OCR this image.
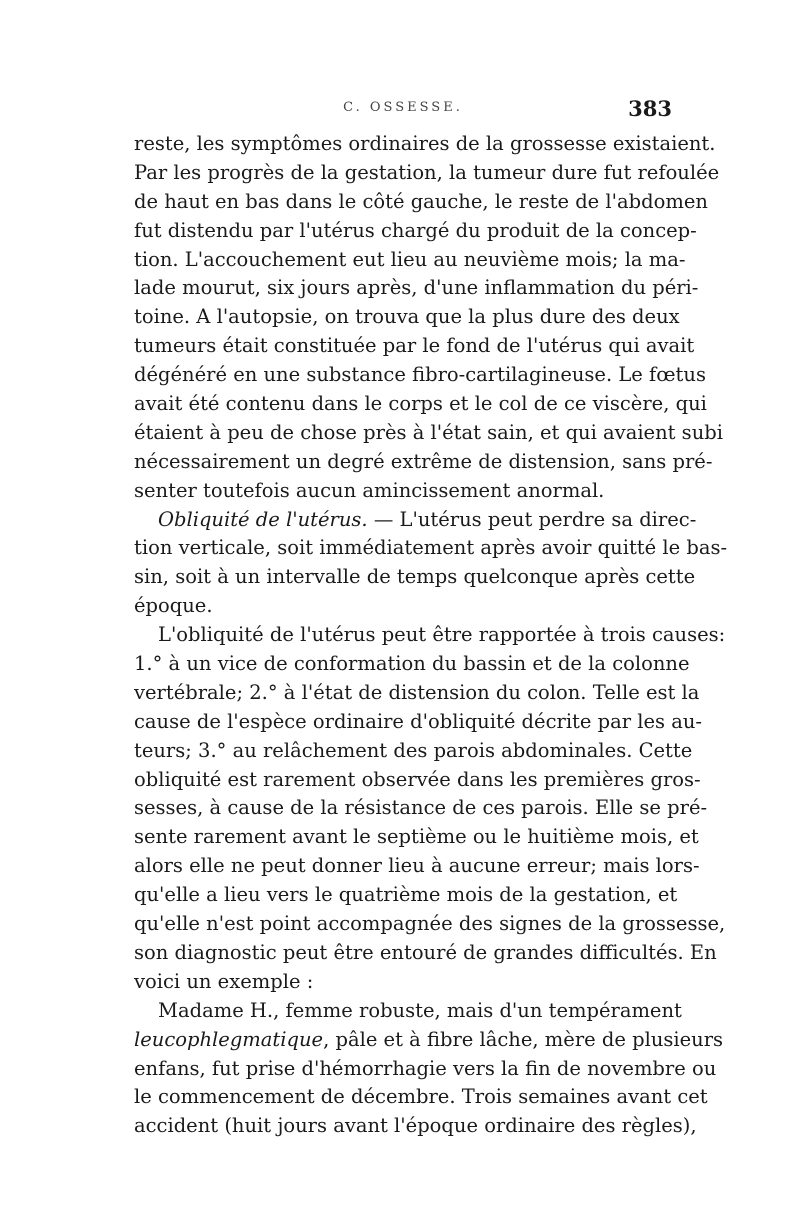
C. OSSESSE.	383
reste, les symptômes ordinaires de la grossesse existaient.
Par les progrès de la gestation, la tumeur dure fut refoulée
de haut en bas dans le côté gauche, le reste de l'abdomen
fut distendu par l'utérus chargé du produit de la concep-
tion. L'accouchement eut lieu au neuvième mois; la ma-
lade mourut, six jours après, d'une inflammation du péri-
toine. A l'autopsie, on trouva que la plus dure des deux
tumeurs était constituée par le fond de l'utérus qui avait
dégénéré en une substance fibro-cartilagineuse. Le fœtus
avait été contenu dans le corps et le col de ce viscère, qui
étaient à peu de chose près à l'état sain, et qui avaient subi
nécessairement un degré extrême de distension, sans pré-
senter toutefois aucun amincissement anormal.
Obliquité de l'utérus. — L'utérus peut perdre sa direc-
tion verticale, soit immédiatement après avoir quitté le bas-
sin, soit à un intervalle de temps quelconque après cette
époque.
L'obliquité de l'utérus peut être rapportée à trois causes:
1.° à un vice de conformation du bassin et de la colonne
vertébrale; 2.° à l'état de distension du colon. Telle est la
cause de l'espèce ordinaire d'obliquité décrite par les au-
teurs; 3.° au relâchement des parois abdominales. Cette
obliquité est rarement observée dans les premières gros-
sesses, à cause de la résistance de ces parois. Elle se pré-
sente rarement avant le septième ou le huitième mois, et
alors elle ne peut donner lieu à aucune erreur; mais lors-
qu'elle a lieu vers le quatrième mois de la gestation, et
qu'elle n'est point accompagnée des signes de la grossesse,
son diagnostic peut être entouré de grandes difficultés. En
voici un exemple :
Madame H., femme robuste, mais d'un tempérament
leucophlegmatique, pâle et à fibre lâche, mère de plusieurs
enfans, fut prise d'hémorrhagie vers la fin de novembre ou
le commencement de décembre. Trois semaines avant cet
accident (huit jours avant l'époque ordinaire des règles),
